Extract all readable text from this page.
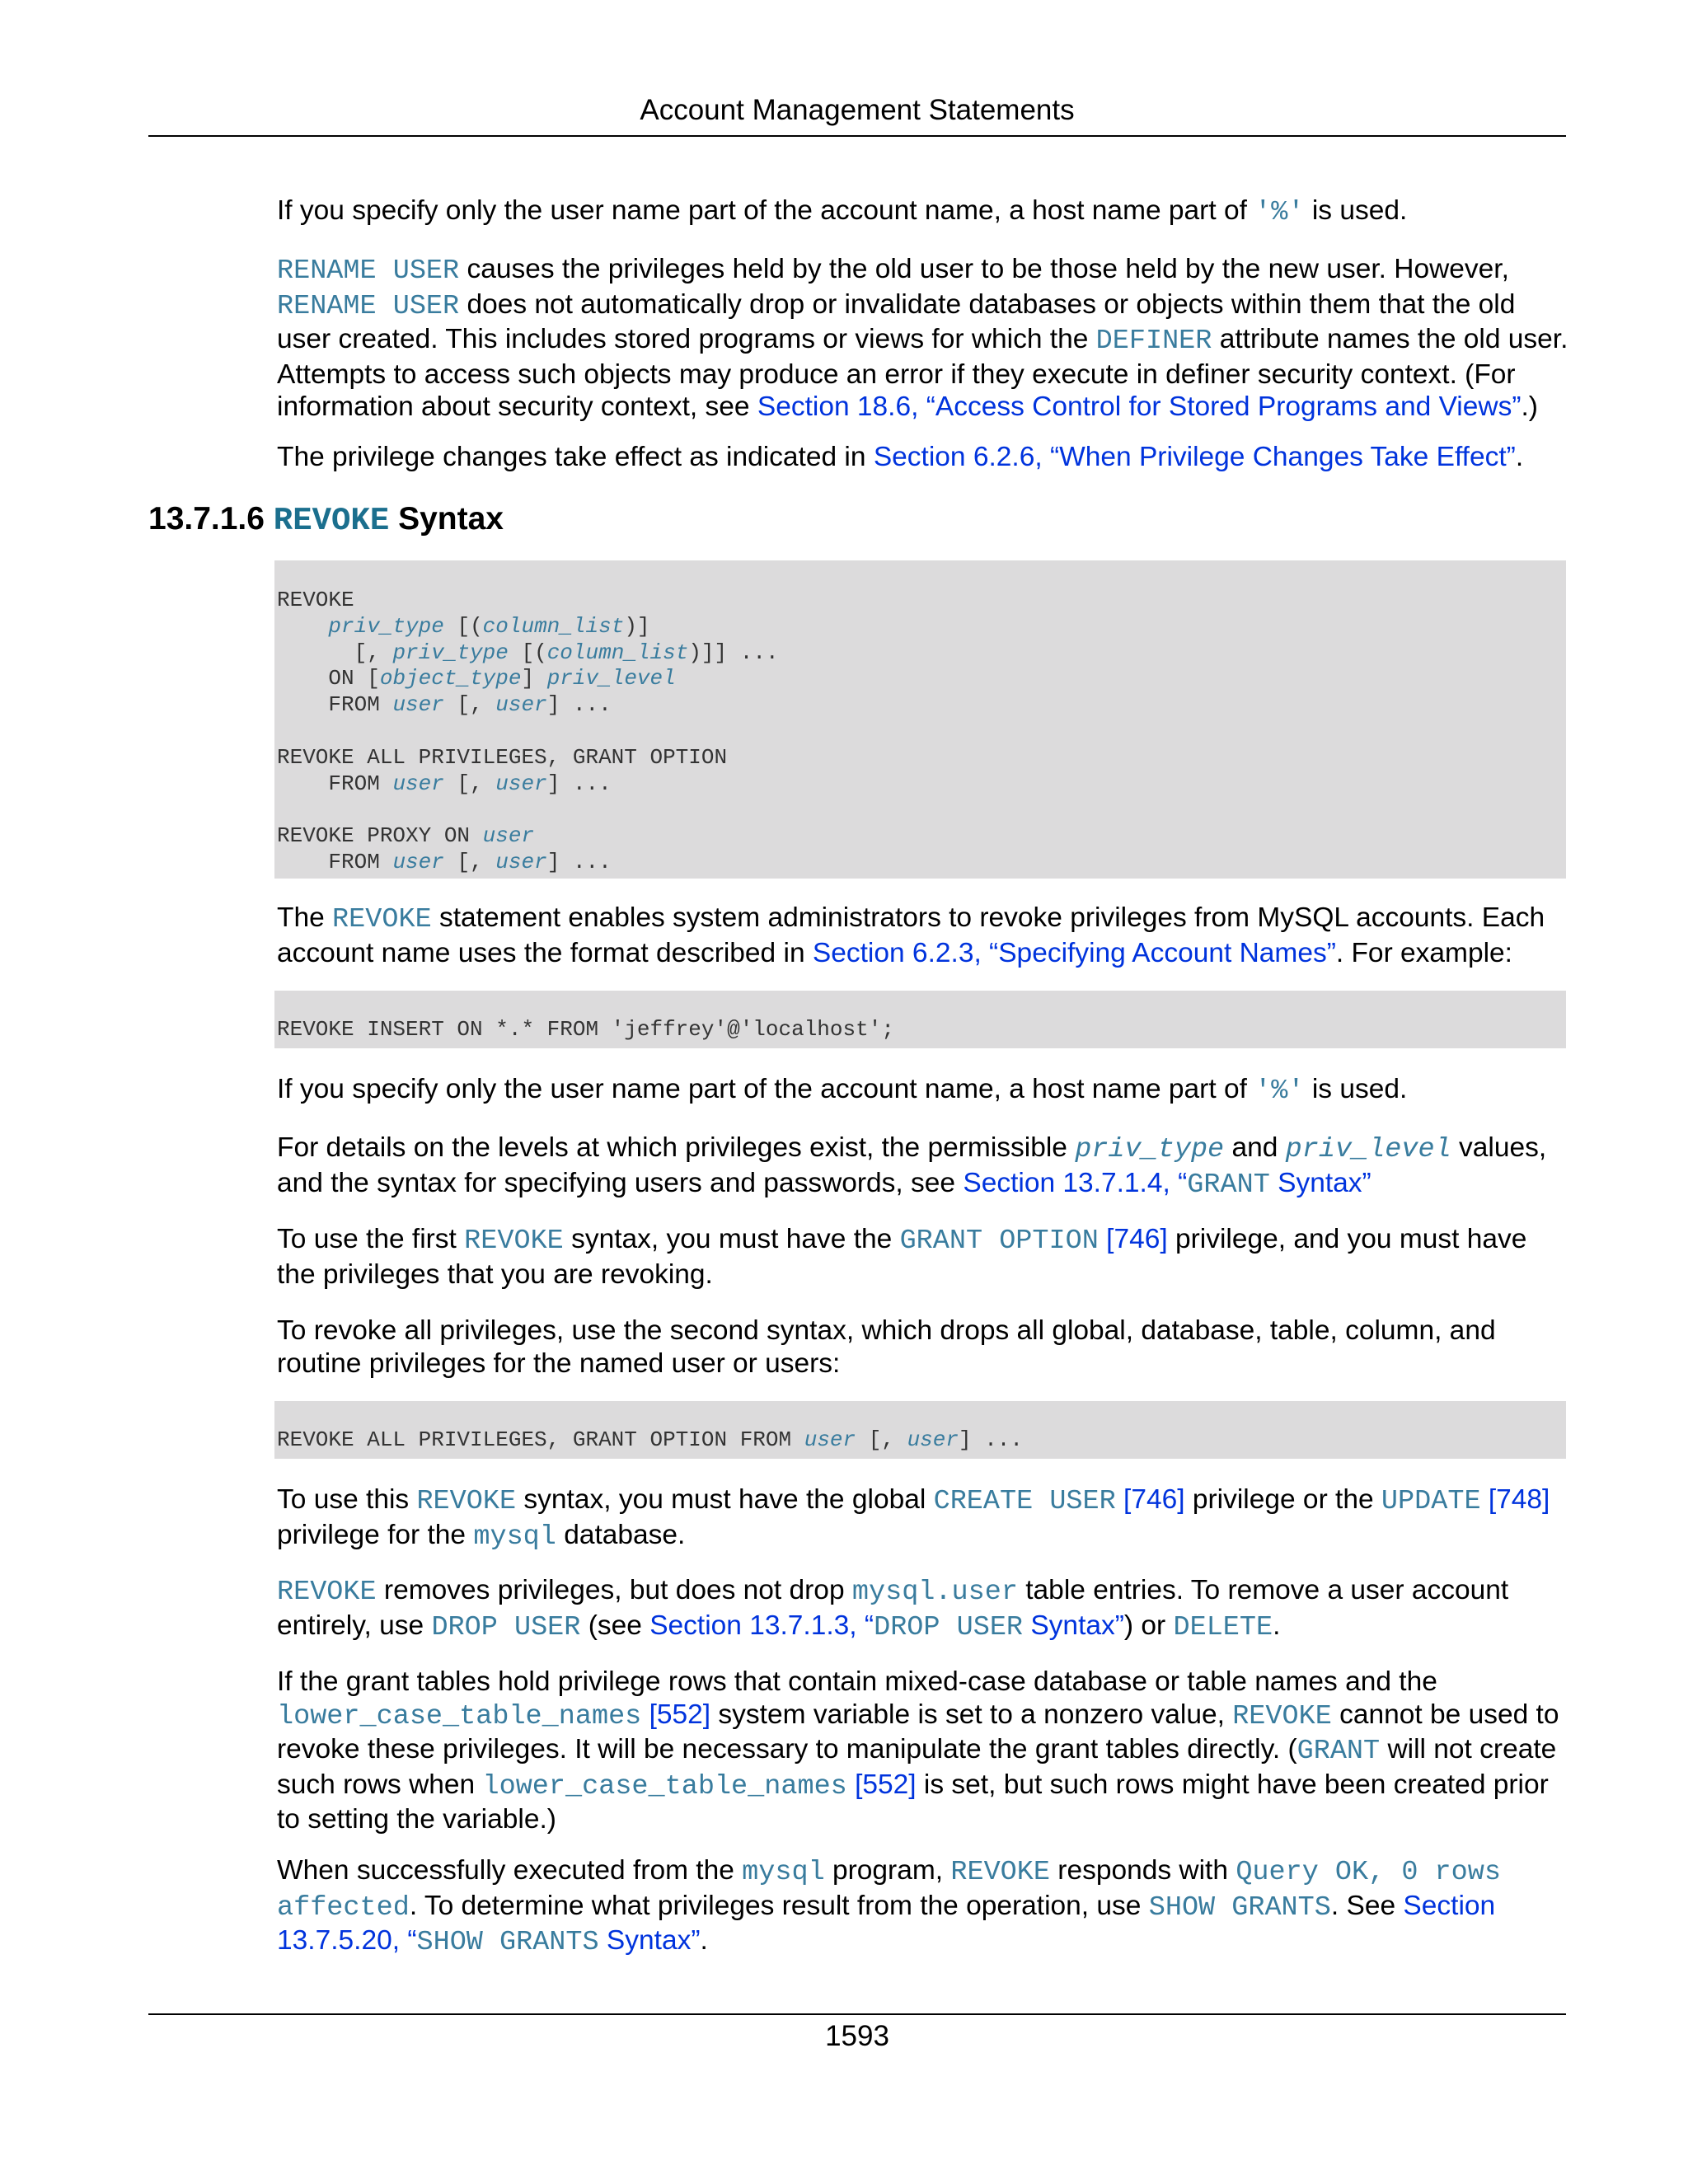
Account Management Statements

If you specify only the user name part of the account name, a host name part of '%' is used.

RENAME USER causes the privileges held by the old user to be those held by the new user. However, RENAME USER does not automatically drop or invalidate databases or objects within them that the old user created. This includes stored programs or views for which the DEFINER attribute names the old user. Attempts to access such objects may produce an error if they execute in definer security context. (For information about security context, see Section 18.6, “Access Control for Stored Programs and Views”.)

The privilege changes take effect as indicated in Section 6.2.6, “When Privilege Changes Take Effect”.

13.7.1.6 REVOKE Syntax
REVOKE
priv_type [(column_list)]
[, priv_type [(column_list)]] ...
ON [object_type] priv_level
FROM user [, user] ...

REVOKE ALL PRIVILEGES, GRANT OPTION
FROM user [, user] ...

REVOKE PROXY ON user
FROM user [, user] ...

The REVOKE statement enables system administrators to revoke privileges from MySQL accounts. Each account name uses the format described in Section 6.2.3, “Specifying Account Names”. For example:

REVOKE INSERT ON *.* FROM 'jeffrey'@'localhost';

If you specify only the user name part of the account name, a host name part of '%' is used.

For details on the levels at which privileges exist, the permissible priv_type and priv_level values, and the syntax for specifying users and passwords, see Section 13.7.1.4, “GRANT Syntax”

To use the first REVOKE syntax, you must have the GRANT OPTION [746] privilege, and you must have the privileges that you are revoking.

To revoke all privileges, use the second syntax, which drops all global, database, table, column, and routine privileges for the named user or users:

REVOKE ALL PRIVILEGES, GRANT OPTION FROM user [, user] ...

To use this REVOKE syntax, you must have the global CREATE USER [746] privilege or the UPDATE [748] privilege for the mysql database.

REVOKE removes privileges, but does not drop mysql.user table entries. To remove a user account entirely, use DROP USER (see Section 13.7.1.3, “DROP USER Syntax”) or DELETE.

If the grant tables hold privilege rows that contain mixed-case database or table names and the lower_case_table_names [552] system variable is set to a nonzero value, REVOKE cannot be used to revoke these privileges. It will be necessary to manipulate the grant tables directly. (GRANT will not create such rows when lower_case_table_names [552] is set, but such rows might have been created prior to setting the variable.)

When successfully executed from the mysql program, REVOKE responds with Query OK, 0 rows affected. To determine what privileges result from the operation, use SHOW GRANTS. See Section 13.7.5.20, “SHOW GRANTS Syntax”.

1593
